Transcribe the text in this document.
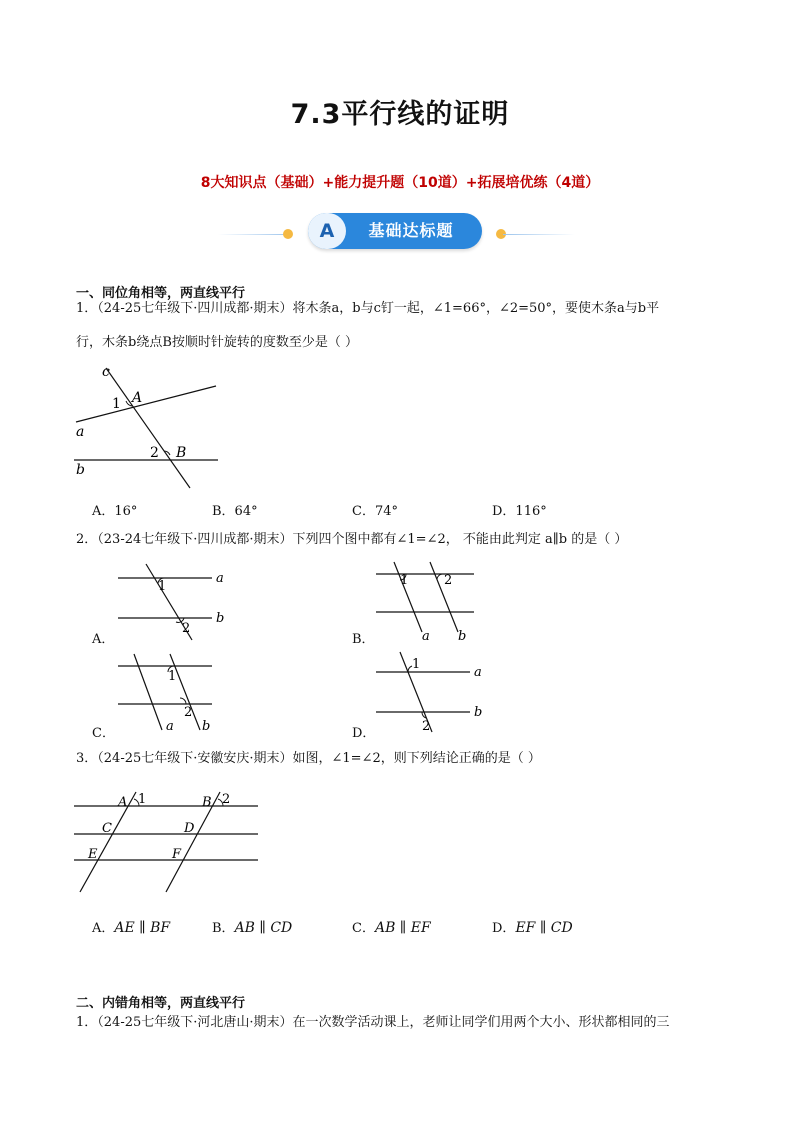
7.3平行线的证明
8大知识点（基础）+能力提升题（10道）+拓展培优练（4道）
A	基础达标题
一、同位角相等，两直线平行
1．（24-25七年级下·四川成都·期末）将木条a，b与c钉一起，∠1=66°，∠2=50°，要使木条a与b平
行，木条b绕点B按顺时针旋转的度数至少是（ ）
c
1 A
a
2 B
b
A．16°	B．64°	C．74°	D．116°
2．（23-24七年级下·四川成都·期末）下列四个图中都有∠1=∠2， 不能由此判定 a∥b 的是（ ）
A．
1
2
a
b
B．
1	2
a b
C．
1
2
a b	D．
1
2
a
b
3．（24-25七年级下·安徽安庆·期末）如图，∠1=∠2，则下列结论正确的是（ ）
A 1	B 2
C	D
E	F
A．AE ∥ BF	B．AB ∥ CD	C．AB ∥ EF	D．EF ∥ CD
二、内错角相等，两直线平行
1．（24-25七年级下·河北唐山·期末）在一次数学活动课上，老师让同学们用两个大小、形状都相同的三
